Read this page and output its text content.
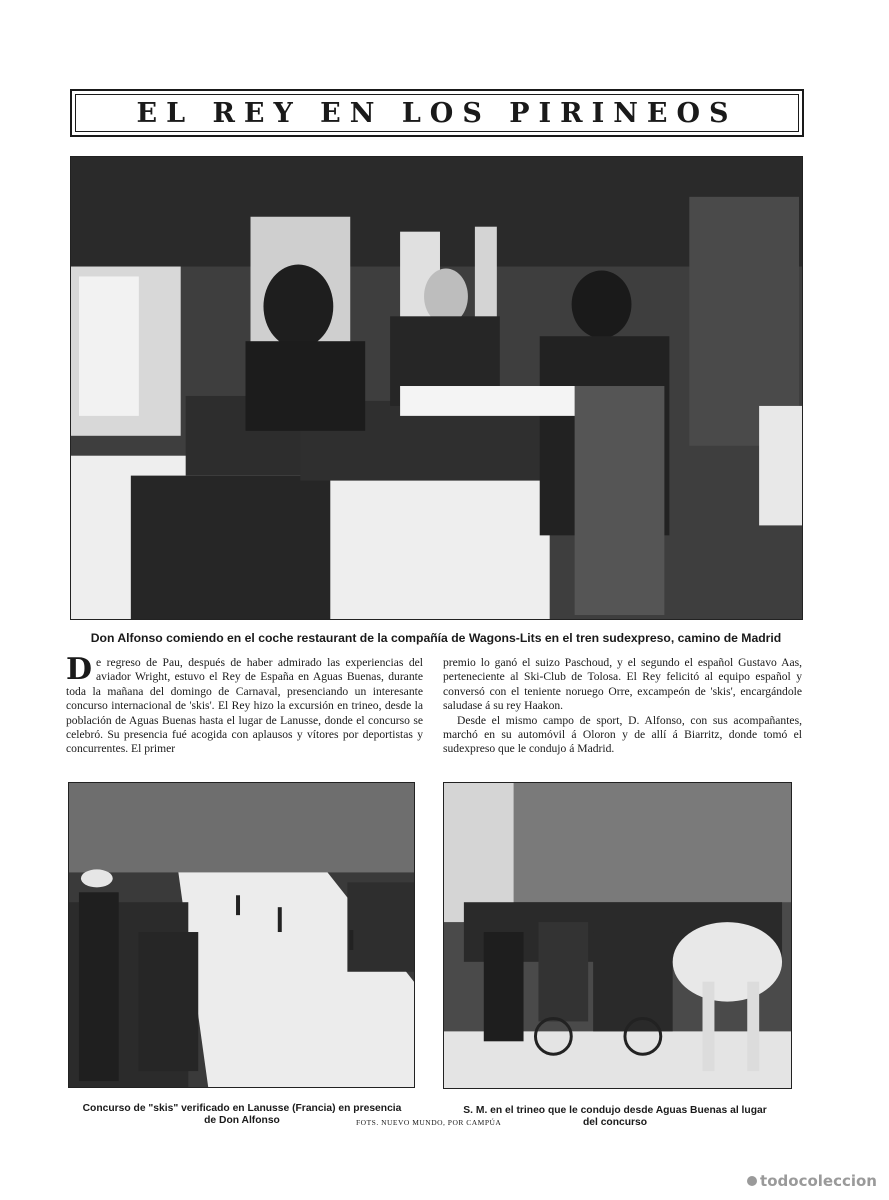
EL REY EN LOS PIRINEOS
Don Alfonso comiendo en el coche restaurant de la compañía de Wagons-Lits en el tren sudexpreso, camino de Madrid
De regreso de Pau, después de haber admirado las experiencias del aviador Wright, estuvo el Rey de España en Aguas Buenas, durante toda la mañana del domingo de Carnaval, presenciando un interesante concurso internacional de 'skis'. El Rey hizo la excursión en trineo, desde la población de Aguas Buenas hasta el lugar de Lanusse, donde el concurso se celebró. Su presencia fué acogida con aplausos y vítores por deportistas y concurrentes. El primer

premio lo ganó el suizo Paschoud, y el segundo el español Gustavo Aas, perteneciente al Ski-Club de Tolosa. El Rey felicitó al equipo español y conversó con el teniente noruego Orre, excampeón de 'skis', encargándole saludase á su rey Haakon.

Desde el mismo campo de sport, D. Alfonso, con sus acompañantes, marchó en su automóvil á Oloron y de allí á Biarritz, donde tomó el sudexpreso que le condujo á Madrid.

Concurso de "skis" verificado en Lanusse (Francia) en presencia
de Don Alfonso	FOTS. NUEVO MUNDO, POR CAMPÚA
S. M. en el trineo que le condujo desde Aguas Buenas al lugar
del concurso
todocoleccion
